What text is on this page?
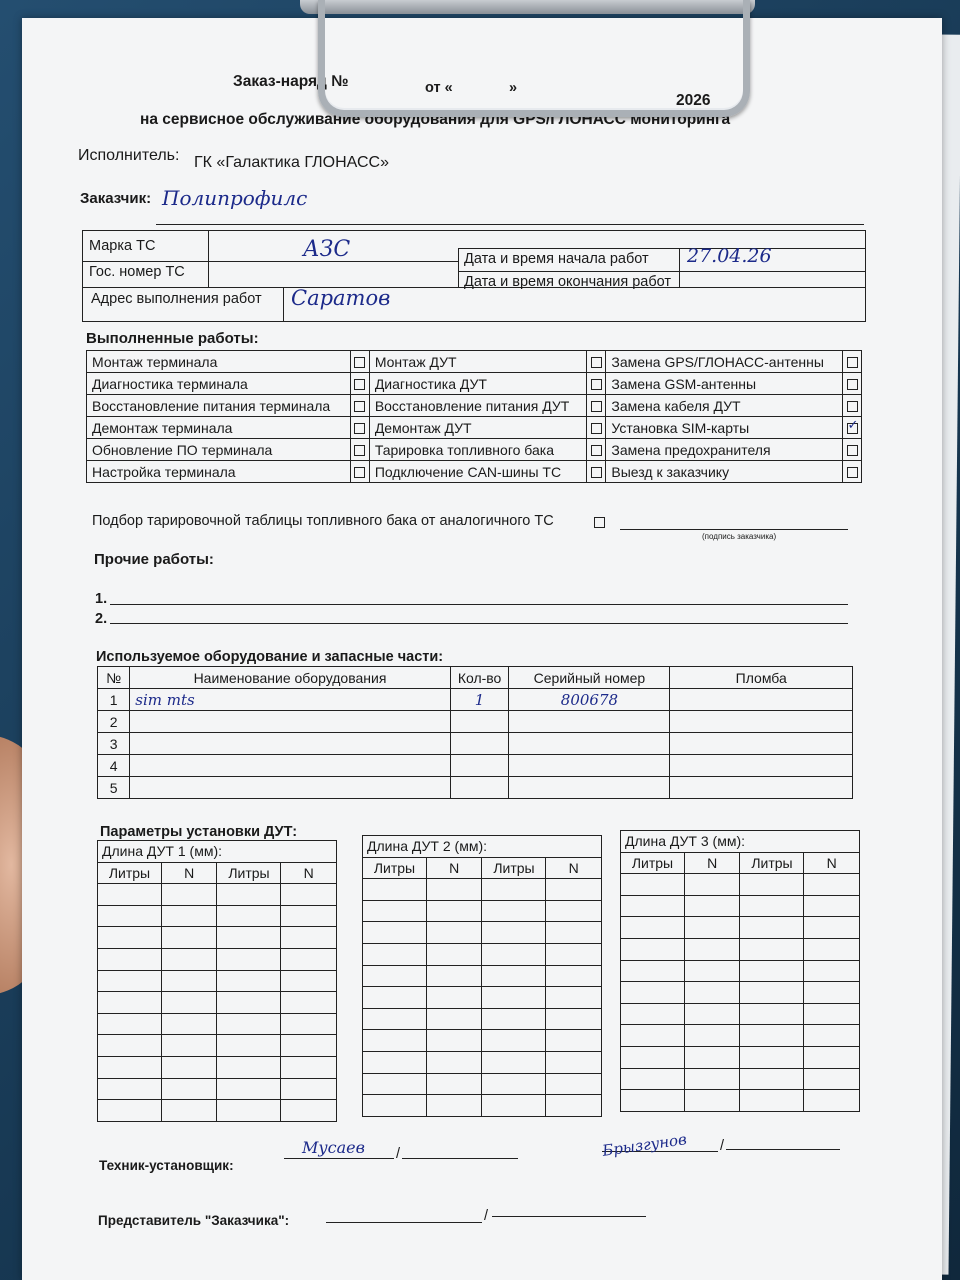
Заказ-наряд №	от «	»
2026
на сервисное обслуживание оборудования для GPS/ГЛОНАСС мониторинга
Исполнитель: ГК «Галактика ГЛОНАСС»
Заказчик: Полипрофилс
Марка ТС	АЗС
Гос. номер ТС
Адрес выполнения работ Саратов
Дата и время начала работ 27.04.26
Дата и время окончания работ
Выполненные работы:
Монтаж терминала		Монтаж ДУТ		Замена GPS/ГЛОНАСС-антенны	
Диагностика терминала		Диагностика ДУТ		Замена GSM-антенны	
Восстановление питания терминала		Восстановление питания ДУТ		Замена кабеля ДУТ	
Демонтаж терминала		Демонтаж ДУТ		Установка SIM-карты	✓
Обновление ПО терминала		Тарировка топливного бака		Замена предохранителя	
Настройка терминала		Подключение CAN-шины ТС		Выезд к заказчику	
Подбор тарировочной таблицы топливного бака от аналогичного ТС
(подпись заказчика)
Прочие работы:
1.
2.
Используемое оборудование и запасные части:
№	Наименование оборудования	Кол-во	Серийный номер	Пломба
1	sim mts	1	800678	
2				
3				
4				
5				
Параметры установки ДУТ:
Длина ДУТ 1 (мм):			
Литры	N	Литры	N

Длина ДУТ 2 (мм):			
Литры	N	Литры	N

Длина ДУТ 3 (мм):			
Литры	N	Литры	N

Техник-установщик:
Мусаев /	Брызгунов /
Представитель "Заказчика":	/
